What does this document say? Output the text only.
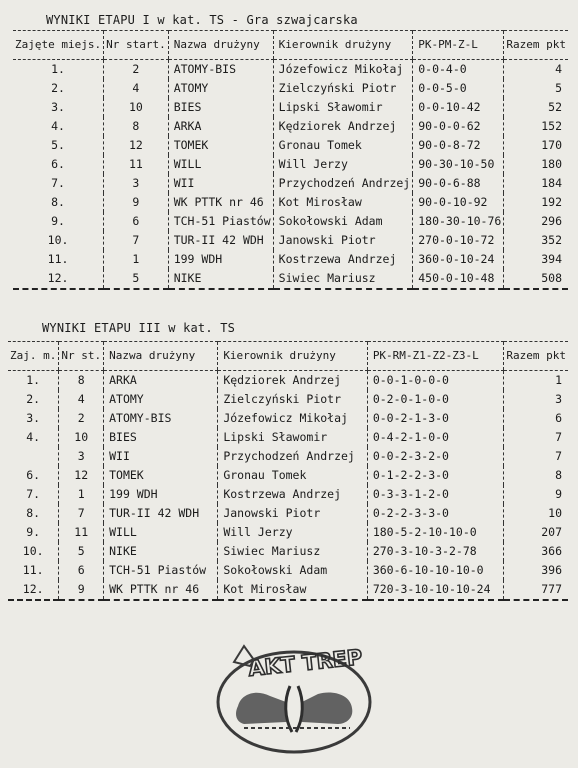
WYNIKI ETAPU I w kat. TS - Gra szwajcarska
Zajęte miejs.	Nr start.	Nazwa drużyny	Kierownik drużyny	PK-PM-Z-L	Razem pkt
1.	2	ATOMY-BIS	Józefowicz Mikołaj	0-0-4-0	4
2.	4	ATOMY	Zielczyński Piotr	0-0-5-0	5
3.	10	BIES	Lipski Sławomir	0-0-10-42	52
4.	8	ARKA	Kędziorek Andrzej	90-0-0-62	152
5.	12	TOMEK	Gronau Tomek	90-0-8-72	170
6.	11	WILL	Will Jerzy	90-30-10-50	180
7.	3	WII	Przychodzeń Andrzej	90-0-6-88	184
8.	9	WK PTTK nr 46	Kot Mirosław	90-0-10-92	192
9.	6	TCH-51 Piastów	Sokołowski Adam	180-30-10-76	296
10.	7	TUR-II 42 WDH	Janowski Piotr	270-0-10-72	352
11.	1	199 WDH	Kostrzewa Andrzej	360-0-10-24	394
12.	5	NIKE	Siwiec Mariusz	450-0-10-48	508
WYNIKI ETAPU III w kat. TS
Zaj. m.	Nr st.	Nazwa drużyny	Kierownik drużyny	PK-RM-Z1-Z2-Z3-L	Razem pkt
1.	8	ARKA	Kędziorek Andrzej	0-0-1-0-0-0	1
2.	4	ATOMY	Zielczyński Piotr	0-2-0-1-0-0	3
3.	2	ATOMY-BIS	Józefowicz Mikołaj	0-0-2-1-3-0	6
4.	10	BIES	Lipski Sławomir	0-4-2-1-0-0	7
	3	WII	Przychodzeń Andrzej	0-0-2-3-2-0	7
6.	12	TOMEK	Gronau Tomek	0-1-2-2-3-0	8
7.	1	199 WDH	Kostrzewa Andrzej	0-3-3-1-2-0	9
8.	7	TUR-II 42 WDH	Janowski Piotr	0-2-2-3-3-0	10
9.	11	WILL	Will Jerzy	180-5-2-10-10-0	207
10.	5	NIKE	Siwiec Mariusz	270-3-10-3-2-78	366
11.	6	TCH-51 Piastów	Sokołowski Adam	360-6-10-10-10-0	396
12.	9	WK PTTK nr 46	Kot Mirosław	720-3-10-10-10-24	777
AKT TREP
